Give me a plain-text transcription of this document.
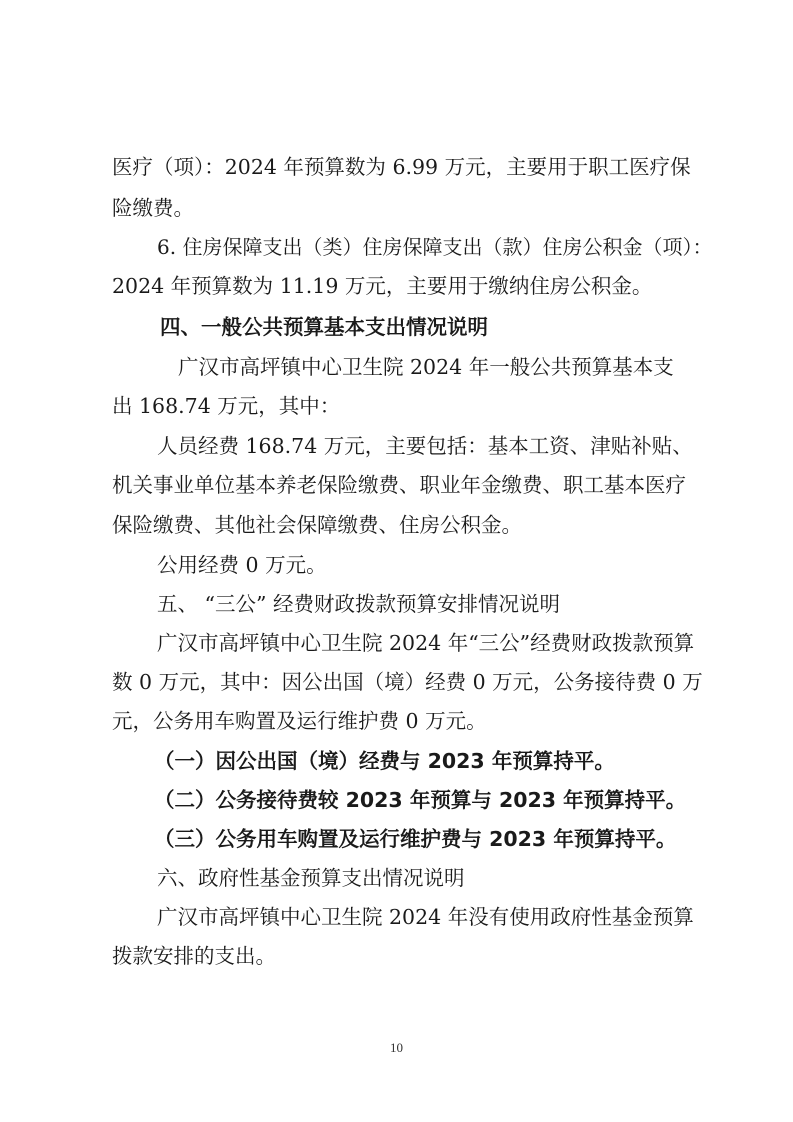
医疗（项）：2024 年预算数为 6.99 万元，主要用于职工医疗保
险缴费。
6. 住房保障支出（类）住房保障支出（款）住房公积金（项）：
2024 年预算数为 11.19 万元，主要用于缴纳住房公积金。
四、一般公共预算基本支出情况说明
广汉市高坪镇中心卫生院 2024 年一般公共预算基本支
出 168.74 万元，其中：
人员经费 168.74 万元，主要包括：基本工资、津贴补贴、
机关事业单位基本养老保险缴费、职业年金缴费、职工基本医疗
保险缴费、其他社会保障缴费、住房公积金。
公用经费 0 万元。
五、 “三公” 经费财政拨款预算安排情况说明
广汉市高坪镇中心卫生院 2024 年“三公”经费财政拨款预算
数 0 万元，其中：因公出国（境）经费 0 万元，公务接待费 0 万
元，公务用车购置及运行维护费 0 万元。
（一）因公出国（境）经费与 2023 年预算持平。
（二）公务接待费较 2023 年预算与 2023 年预算持平。
（三）公务用车购置及运行维护费与 2023 年预算持平。
六、政府性基金预算支出情况说明
广汉市高坪镇中心卫生院 2024 年没有使用政府性基金预算
拨款安排的支出。
10
